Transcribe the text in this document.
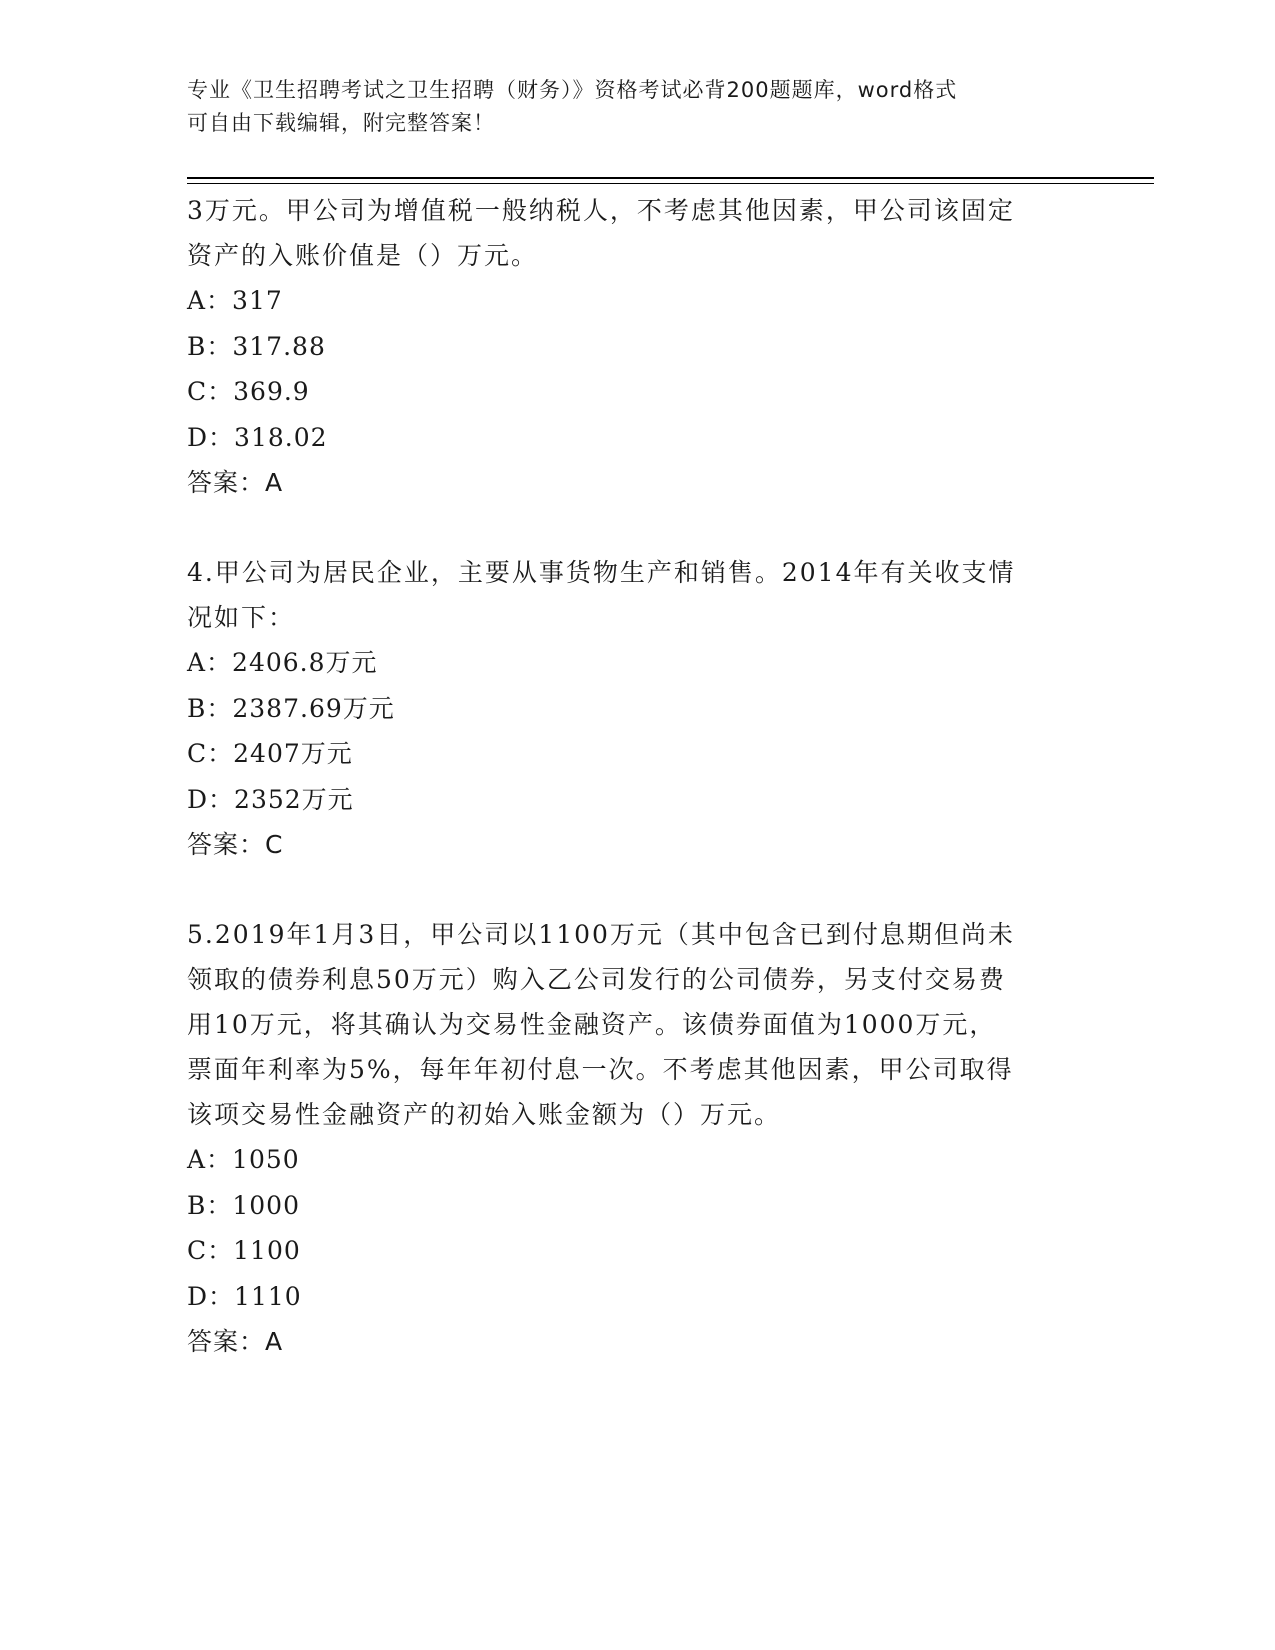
专业《卫生招聘考试之卫生招聘（财务）》资格考试必背200题题库，word格式
可自由下载编辑，附完整答案！

3万元。甲公司为增值税一般纳税人，不考虑其他因素，甲公司该固定

资产的入账价值是（）万元。

A：317

B：317.88

C：369.9

D：318.02

答案：A

4.甲公司为居民企业，主要从事货物生产和销售。2014年有关收支情

况如下：

A：2406.8万元

B：2387.69万元

C：2407万元

D：2352万元

答案：C

5.2019年1月3日，甲公司以1100万元（其中包含已到付息期但尚未

领取的债券利息50万元）购入乙公司发行的公司债券，另支付交易费

用10万元，将其确认为交易性金融资产。该债券面值为1000万元，

票面年利率为5%，每年年初付息一次。不考虑其他因素，甲公司取得

该项交易性金融资产的初始入账金额为（）万元。

A：1050

B：1000

C：1100

D：1110

答案：A
